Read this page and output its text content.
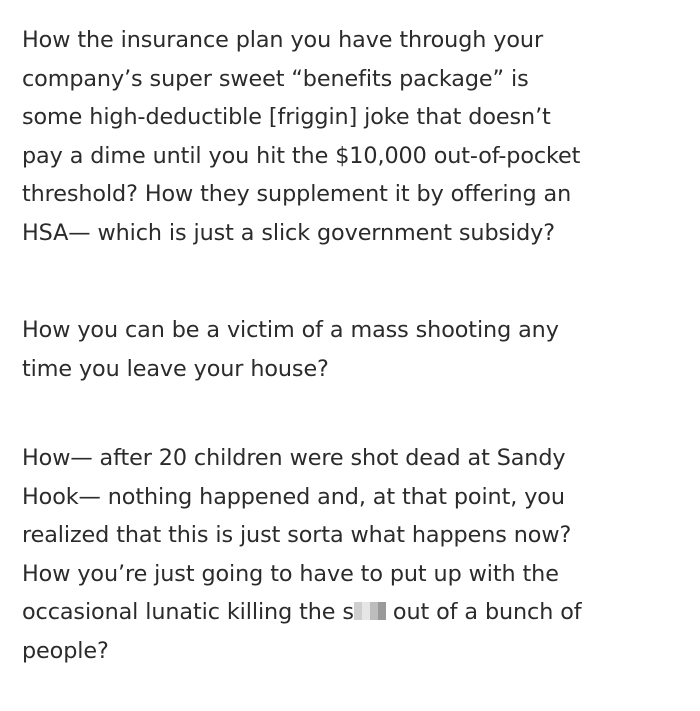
How the insurance plan you have through your
company’s super sweet “benefits package” is
some high-deductible [friggin] joke that doesn’t
pay a dime until you hit the $10,000 out-of-pocket
threshold? How they supplement it by offering an
HSA— which is just a slick government subsidy?
How you can be a victim of a mass shooting any
time you leave your house?
How— after 20 children were shot dead at Sandy
Hook— nothing happened and, at that point, you
realized that this is just sorta what happens now?
How you’re just going to have to put up with the
occasional lunatic killing the s out of a bunch of
people?
